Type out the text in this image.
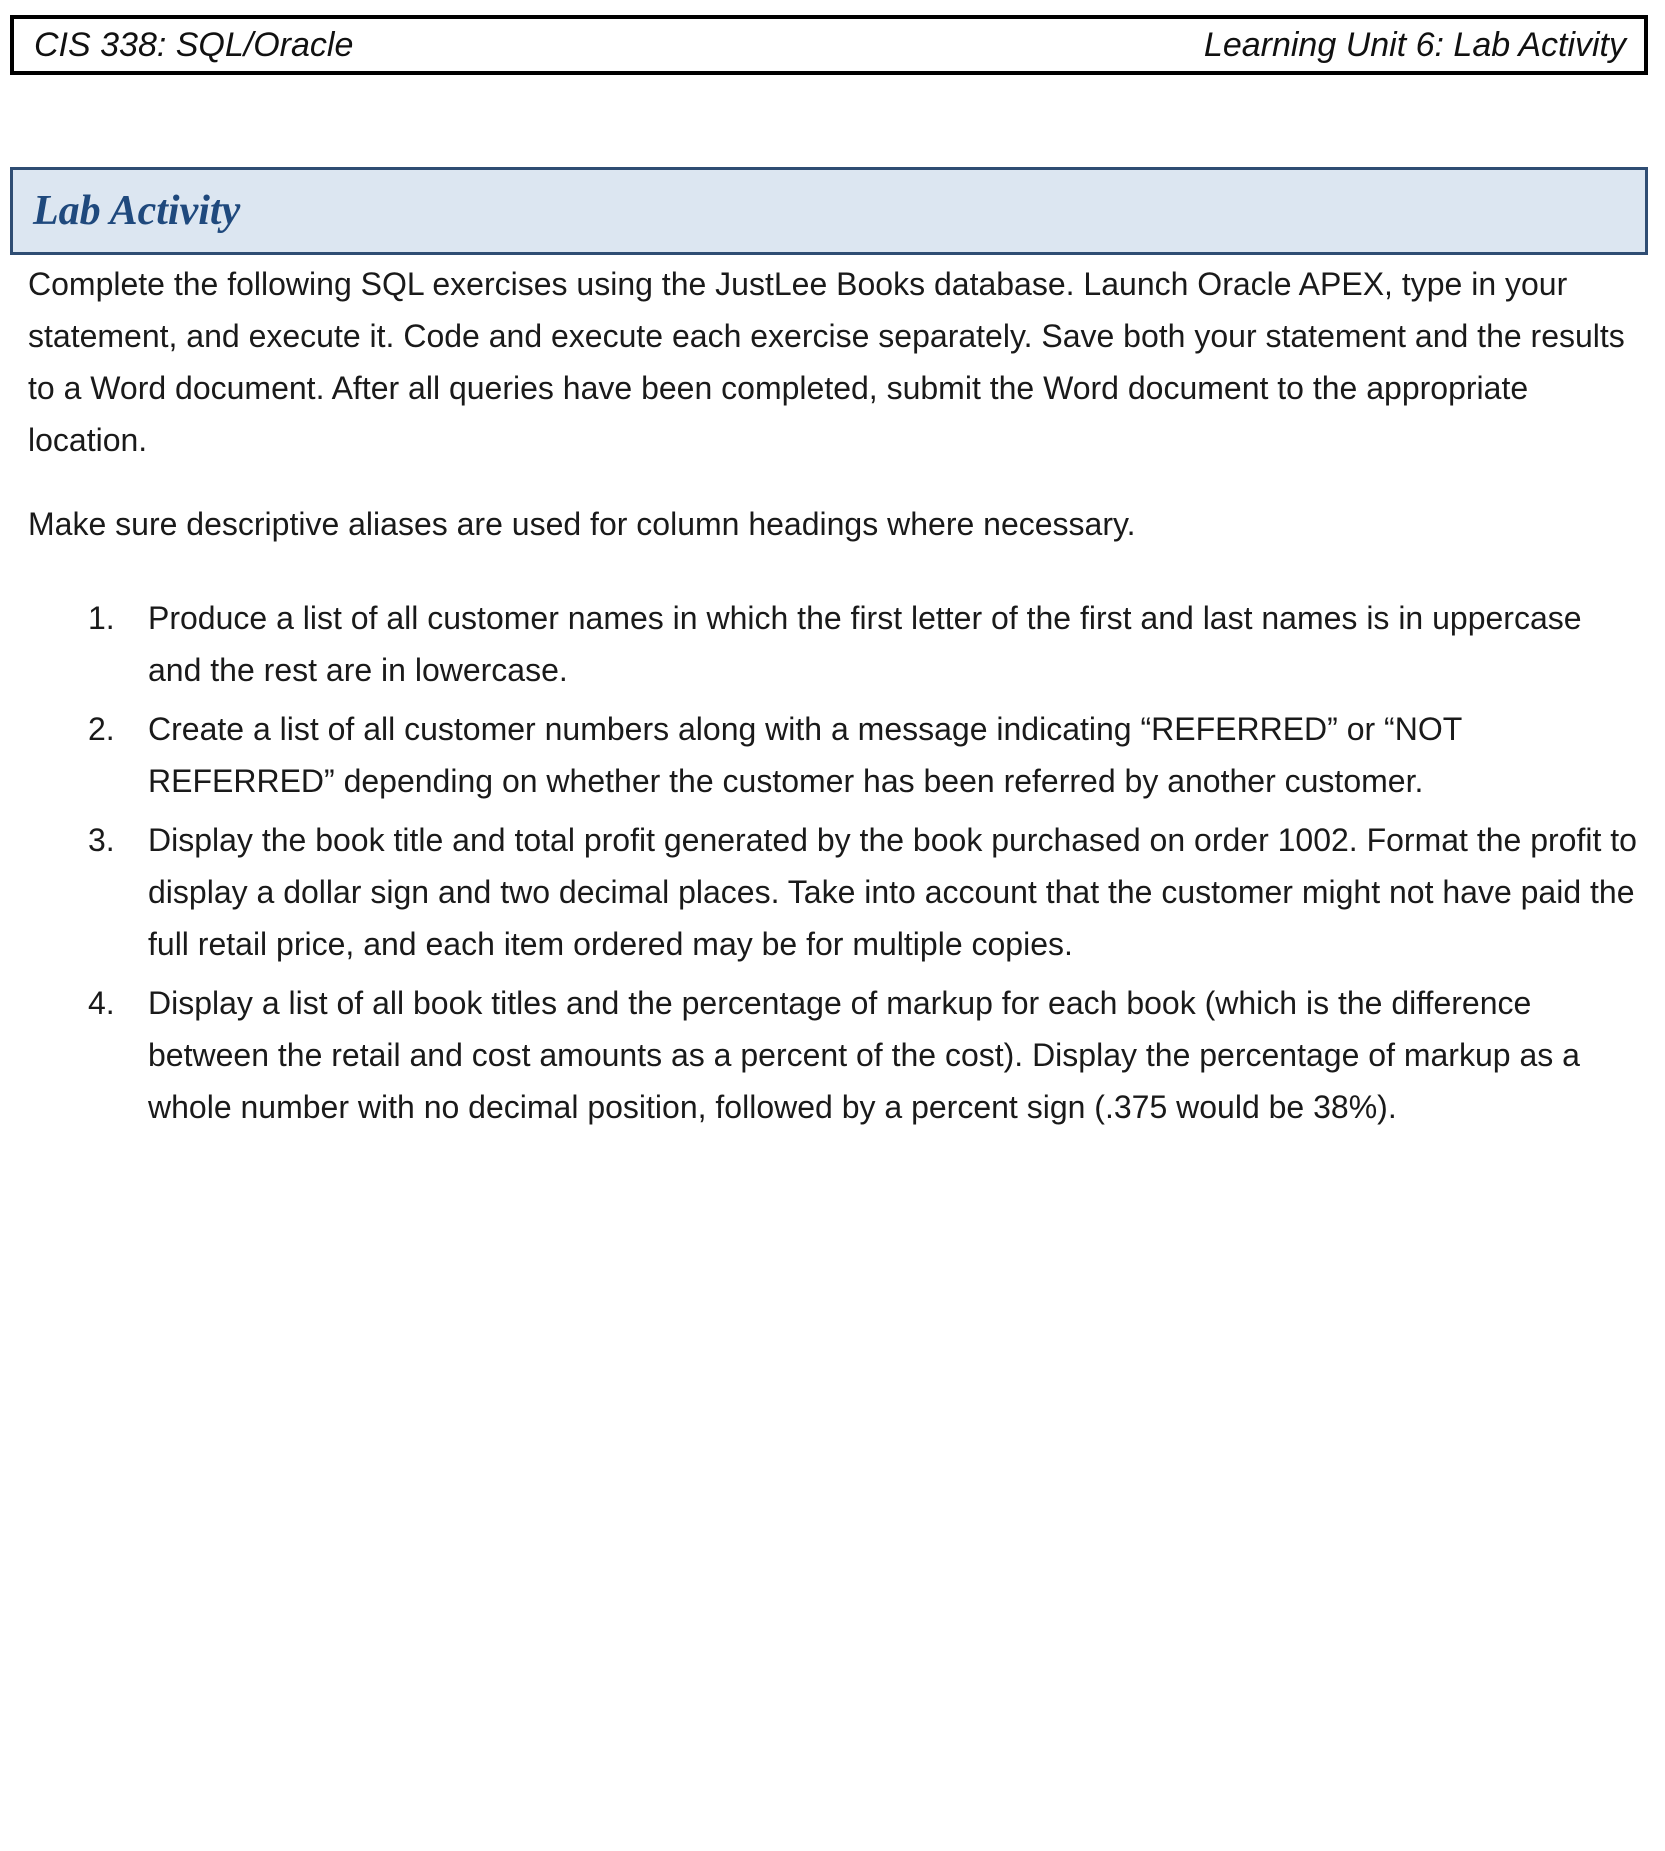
CIS 338: SQL/Oracle	Learning Unit 6: Lab Activity
Lab Activity
Complete the following SQL exercises using the JustLee Books database. Launch Oracle APEX, type in your statement, and execute it. Code and execute each exercise separately. Save both your statement and the results to a Word document. After all queries have been completed, submit the Word document to the appropriate location.
Make sure descriptive aliases are used for column headings where necessary.
1.	Produce a list of all customer names in which the first letter of the first and last names is in uppercase and the rest are in lowercase.
2.	Create a list of all customer numbers along with a message indicating “REFERRED” or “NOT REFERRED” depending on whether the customer has been referred by another customer.
3.	Display the book title and total profit generated by the book purchased on order 1002. Format the profit to display a dollar sign and two decimal places. Take into account that the customer might not have paid the full retail price, and each item ordered may be for multiple copies.
4.	Display a list of all book titles and the percentage of markup for each book (which is the difference between the retail and cost amounts as a percent of the cost). Display the percentage of markup as a whole number with no decimal position, followed by a percent sign (.375 would be 38%).
